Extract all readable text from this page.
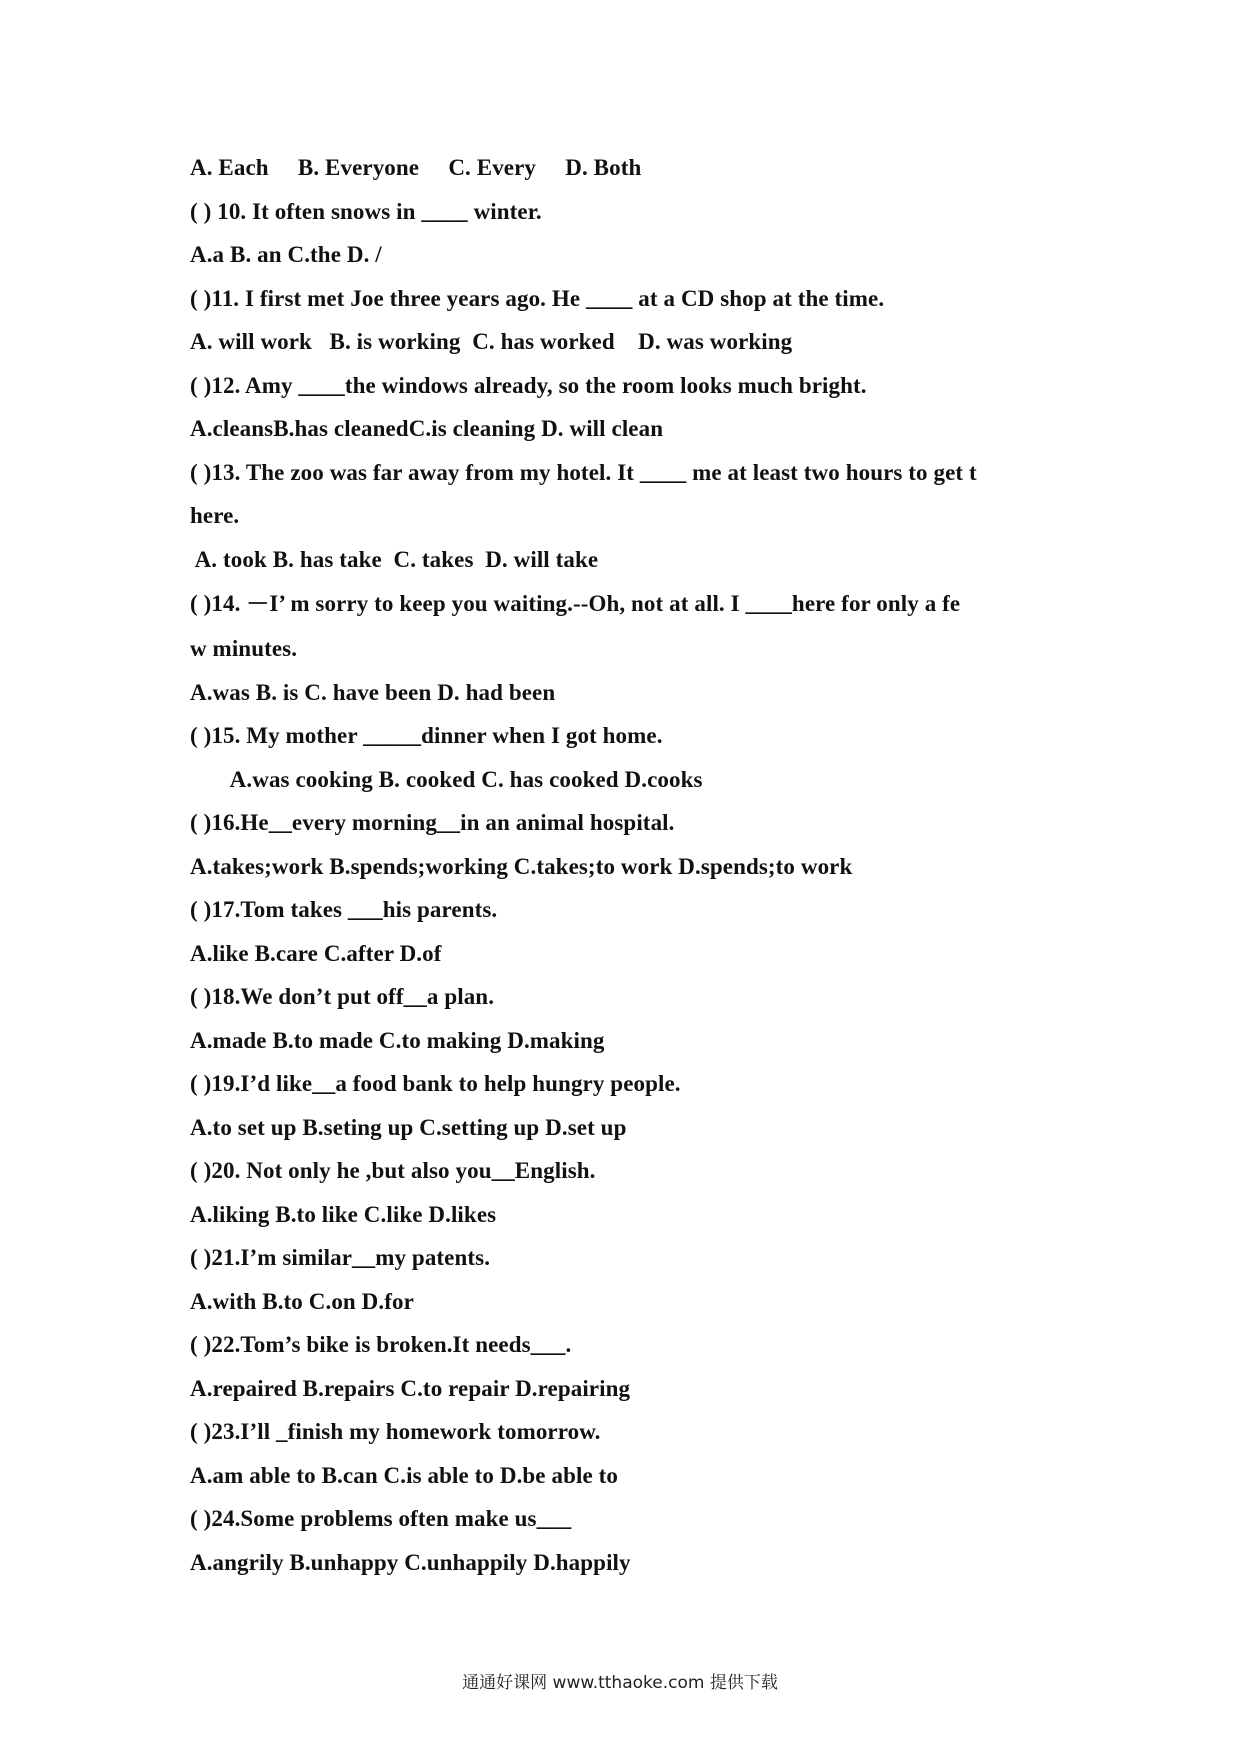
A. Each     B. Everyone     C. Every     D. Both
( ) 10. It often snows in ____ winter.
A.a B. an C.the D. /
( )11. I first met Joe three years ago. He ____ at a CD shop at the time.
A. will work   B. is working  C. has worked    D. was working
( )12. Amy ____the windows already, so the room looks much bright.
A.cleansB.has cleanedC.is cleaning D. will clean
( )13. The zoo was far away from my hotel. It ____ me at least two hours to get t
here.
A. took B. has take  C. takes  D. will take
( )14. －I’ m sorry to keep you waiting.--Oh, not at all. I ____here for only a fe
w minutes.
A.was B. is C. have been D. had been
( )15. My mother _____dinner when I got home.
A.was cooking B. cooked C. has cooked D.cooks
( )16.He__every morning__in an animal hospital.
A.takes;work B.spends;working C.takes;to work D.spends;to work
( )17.Tom takes ___his parents.
A.like B.care C.after D.of
( )18.We don’t put off__a plan.
A.made B.to made C.to making D.making
( )19.I’d like__a food bank to help hungry people.
A.to set up B.seting up C.setting up D.set up
( )20. Not only he ,but also you__English.
A.liking B.to like C.like D.likes
( )21.I’m similar__my patents.
A.with B.to C.on D.for
( )22.Tom’s bike is broken.It needs___.
A.repaired B.repairs C.to repair D.repairing
( )23.I’ll _finish my homework tomorrow.
A.am able to B.can C.is able to D.be able to
( )24.Some problems often make us___
A.angrily B.unhappy C.unhappily D.happily
通通好课网 www.tthaoke.com 提供下载
